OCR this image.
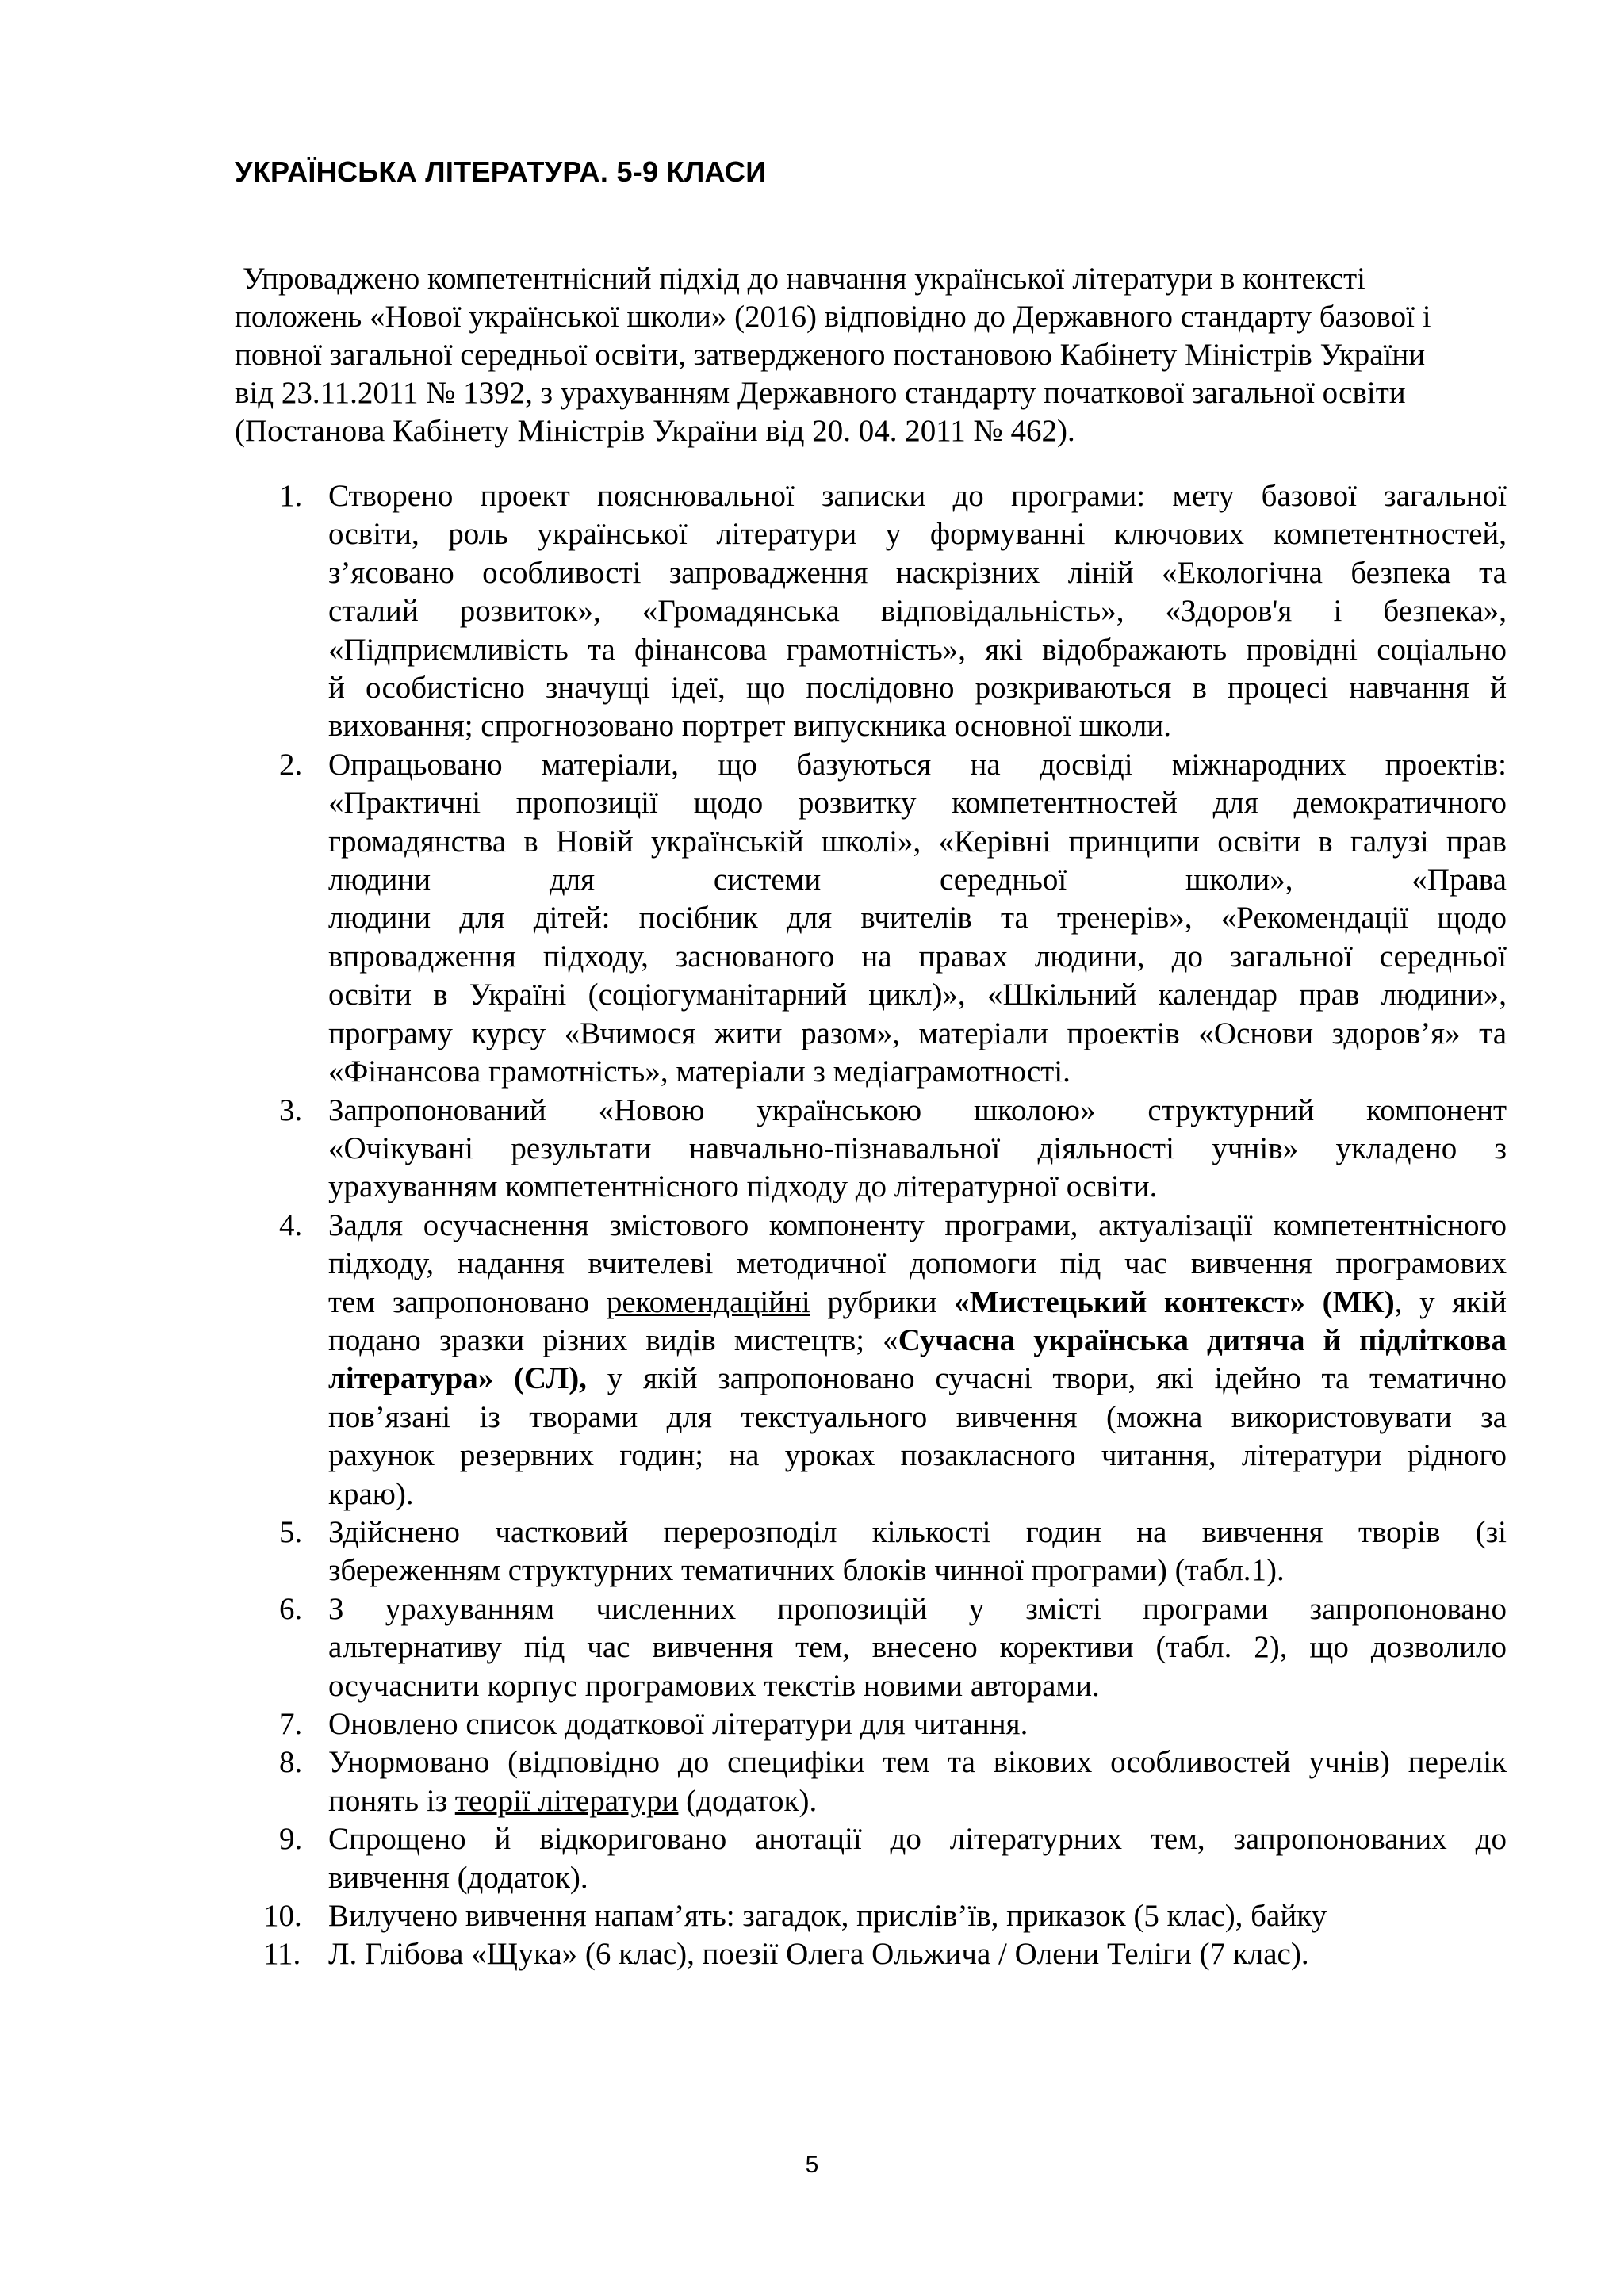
УКРАЇНСЬКА ЛІТЕРАТУРА. 5-9 КЛАСИ

Упроваджено компетентнісний підхід до навчання української літератури в контексті
положень «Нової української школи» (2016) відповідно до Державного стандарту базової і
повної загальної середньої освіти, затвердженого постановою Кабінету Міністрів України
від 23.11.2011 № 1392, з урахуванням Державного стандарту початкової загальної освіти
(Постанова Кабінету Міністрів України від 20. 04. 2011 № 462).

1. Створено проект пояснювальної записки до програми: мету базової загальної
освіти, роль української літератури у формуванні ключових компетентностей,
з’ясовано особливості запровадження наскрізних ліній «Екологічна безпека та
сталий розвиток», «Громадянська відповідальність», «Здоров'я і безпека»,
«Підприємливість та фінансова грамотність», які відображають провідні соціально
й особистісно значущі ідеї, що послідовно розкриваються в процесі навчання й
виховання; спрогнозовано портрет випускника основної школи.
2. Опрацьовано матеріали, що базуються на досвіді міжнародних проектів:
«Практичні пропозиції щодо розвитку компетентностей для демократичного
громадянства в Новій українській школі», «Керівні принципи освіти в галузі прав
людини для системи середньої школи», «Права
людини для дітей: посібник для вчителів та тренерів», «Рекомендації щодо
впровадження підходу, заснованого на правах людини, до загальної середньої
освіти в Україні (соціогуманітарний цикл)», «Шкільний календар прав людини»,
програму курсу «Вчимося жити разом», матеріали проектів «Основи здоров’я» та
«Фінансова грамотність», матеріали з медіаграмотності.
3. Запропонований «Новою українською школою» структурний компонент
«Очікувані результати навчально-пізнавальної діяльності учнів» укладено з
урахуванням компетентнісного підходу до літературної освіти.
4. Задля осучаснення змістового компоненту програми, актуалізації компетентнісного
підходу, надання вчителеві методичної допомоги під час вивчення програмових
тем запропоновано рекомендаційні рубрики «Мистецький контекст» (МК), у якій
подано зразки різних видів мистецтв; «Сучасна українська дитяча й підліткова
література» (СЛ), у якій запропоновано сучасні твори, які ідейно та тематично
пов’язані із творами для текстуального вивчення (можна використовувати за
рахунок резервних годин; на уроках позакласного читання, літератури рідного
краю).
5. Здійснено частковий перерозподіл кількості годин на вивчення творів (зі
збереженням структурних тематичних блоків чинної програми) (табл.1).
6. З урахуванням численних пропозицій у змісті програми запропоновано
альтернативу під час вивчення тем, внесено корективи (табл. 2), що дозволило
осучаснити корпус програмових текстів новими авторами.
7. Оновлено список додаткової літератури для читання.
8. Унормовано (відповідно до специфіки тем та вікових особливостей учнів) перелік
понять із теорії літератури (додаток).
9. Спрощено й відкориговано анотації до літературних тем, запропонованих до
вивчення (додаток).
10. Вилучено вивчення напам’ять: загадок, прислів’їв, приказок (5 клас), байку
11. Л. Глібова «Щука» (6 клас), поезії Олега Ольжича / Олени Теліги (7 клас).
5
